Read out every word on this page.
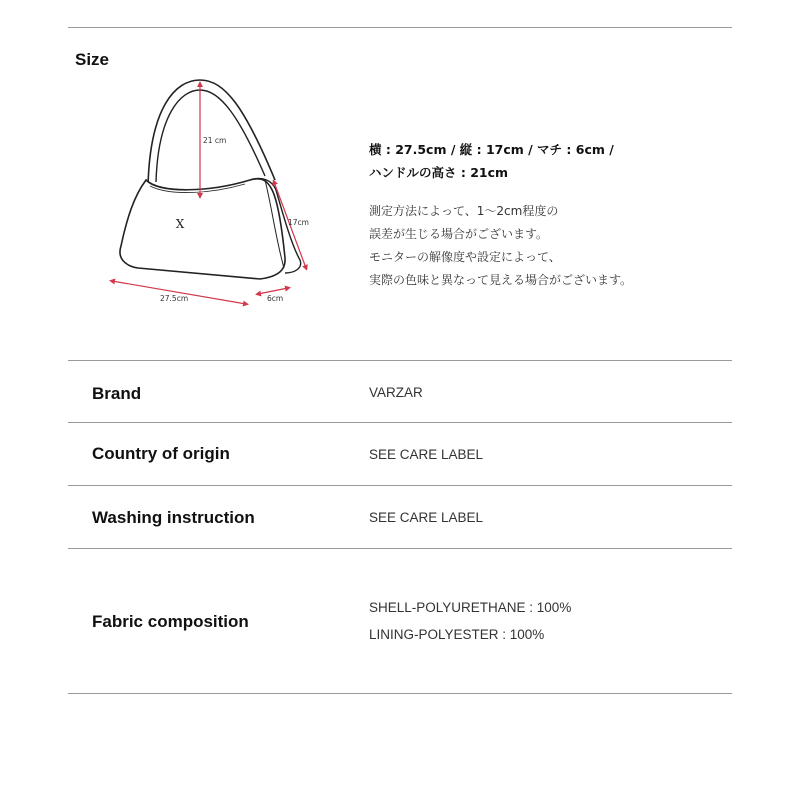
Size
X
21 cm
17cm
27.5cm	6cm
横 : 27.5cm / 縦 : 17cm / マチ : 6cm /
ハンドルの高さ : 21cm
測定方法によって、1～2cm程度の
誤差が生じる場合がございます。
モニターの解像度や設定によって、
実際の色味と異なって見える場合がございます。
Brand	VARZAR
Country of origin	SEE CARE LABEL
Washing instruction	SEE CARE LABEL
Fabric composition
SHELL-POLYURETHANE : 100%
LINING-POLYESTER : 100%
